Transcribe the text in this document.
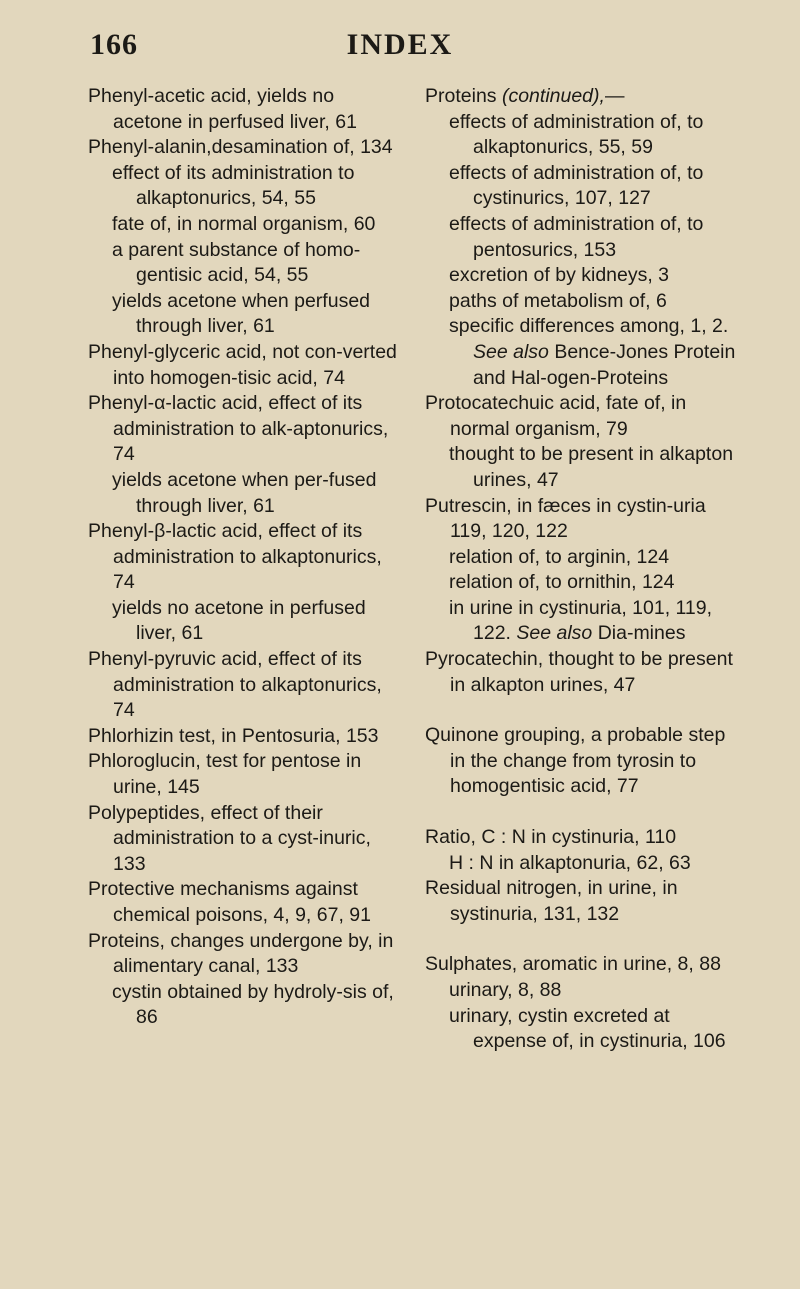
166	INDEX

Phenyl-acetic acid, yields no acetone in perfused liver, 61

Phenyl-alanin,desamination of, 134

effect of its administration to alkaptonurics, 54, 55

fate of, in normal organism, 60

a parent substance of homo-gentisic acid, 54, 55

yields acetone when perfused through liver, 61

Phenyl-glyceric acid, not con-verted into homogen-tisic acid, 74

Phenyl-α-lactic acid, effect of its administration to alk-aptonurics, 74

yields acetone when per-fused through liver, 61

Phenyl-β-lactic acid, effect of its administration to alkaptonurics, 74

yields no acetone in perfused liver, 61

Phenyl-pyruvic acid, effect of its administration to alkaptonurics, 74

Phlorhizin test, in Pentosuria, 153

Phloroglucin, test for pentose in urine, 145

Polypeptides, effect of their administration to a cyst-inuric, 133

Protective mechanisms against chemical poisons, 4, 9, 67, 91

Proteins, changes undergone by, in alimentary canal, 133

cystin obtained by hydroly-sis of, 86

Proteins (continued),—

effects of administration of, to alkaptonurics, 55, 59

effects of administration of, to cystinurics, 107, 127

effects of administration of, to pentosurics, 153

excretion of by kidneys, 3

paths of metabolism of, 6

specific differences among, 1, 2. See also Bence-Jones Protein and Hal-ogen-Proteins

Protocatechuic acid, fate of, in normal organism, 79

thought to be present in alkapton urines, 47

Putrescin, in fæces in cystin-uria 119, 120, 122

relation of, to arginin, 124

relation of, to ornithin, 124

in urine in cystinuria, 101, 119, 122. See also Dia-mines

Pyrocatechin, thought to be present in alkapton urines, 47

Quinone grouping, a probable step in the change from tyrosin to homogentisic acid, 77

Ratio, C : N in cystinuria, 110

H : N in alkaptonuria, 62, 63

Residual nitrogen, in urine, in systinuria, 131, 132

Sulphates, aromatic in urine, 8, 88

urinary, 8, 88

urinary, cystin excreted at expense of, in cystinuria, 106
